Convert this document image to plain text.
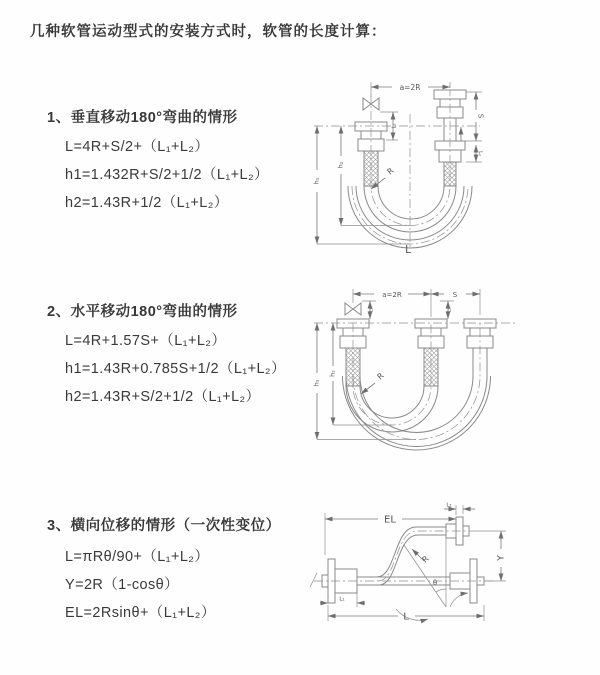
几种软管运动型式的安装方式时，软管的长度计算：
1、垂直移动180°弯曲的情形
L=4R+S/2+（L₁+L₂）
h1=1.432R+S/2+1/2（L₁+L₂）
h2=1.43R+1/2（L₁+L₂）
a=2R
S
L₂
h₁
h₂
L₁
R
L
2、水平移动180°弯曲的情形
L=4R+1.57S+（L₁+L₂）
h1=1.43R+0.785S+1/2（L₁+L₂）
h2=1.43R+S/2+1/2（L₁+L₂）
a=2R	S
h₁
h₂
L₁	L₂
R
3、横向位移的情形（一次性变位）
L=πRθ/90+（L₁+L₂）
Y=2R（1-cosθ）
EL=2Rsinθ+（L₁+L₂）
θ
EL
L₂
Y
L
L₁
R
